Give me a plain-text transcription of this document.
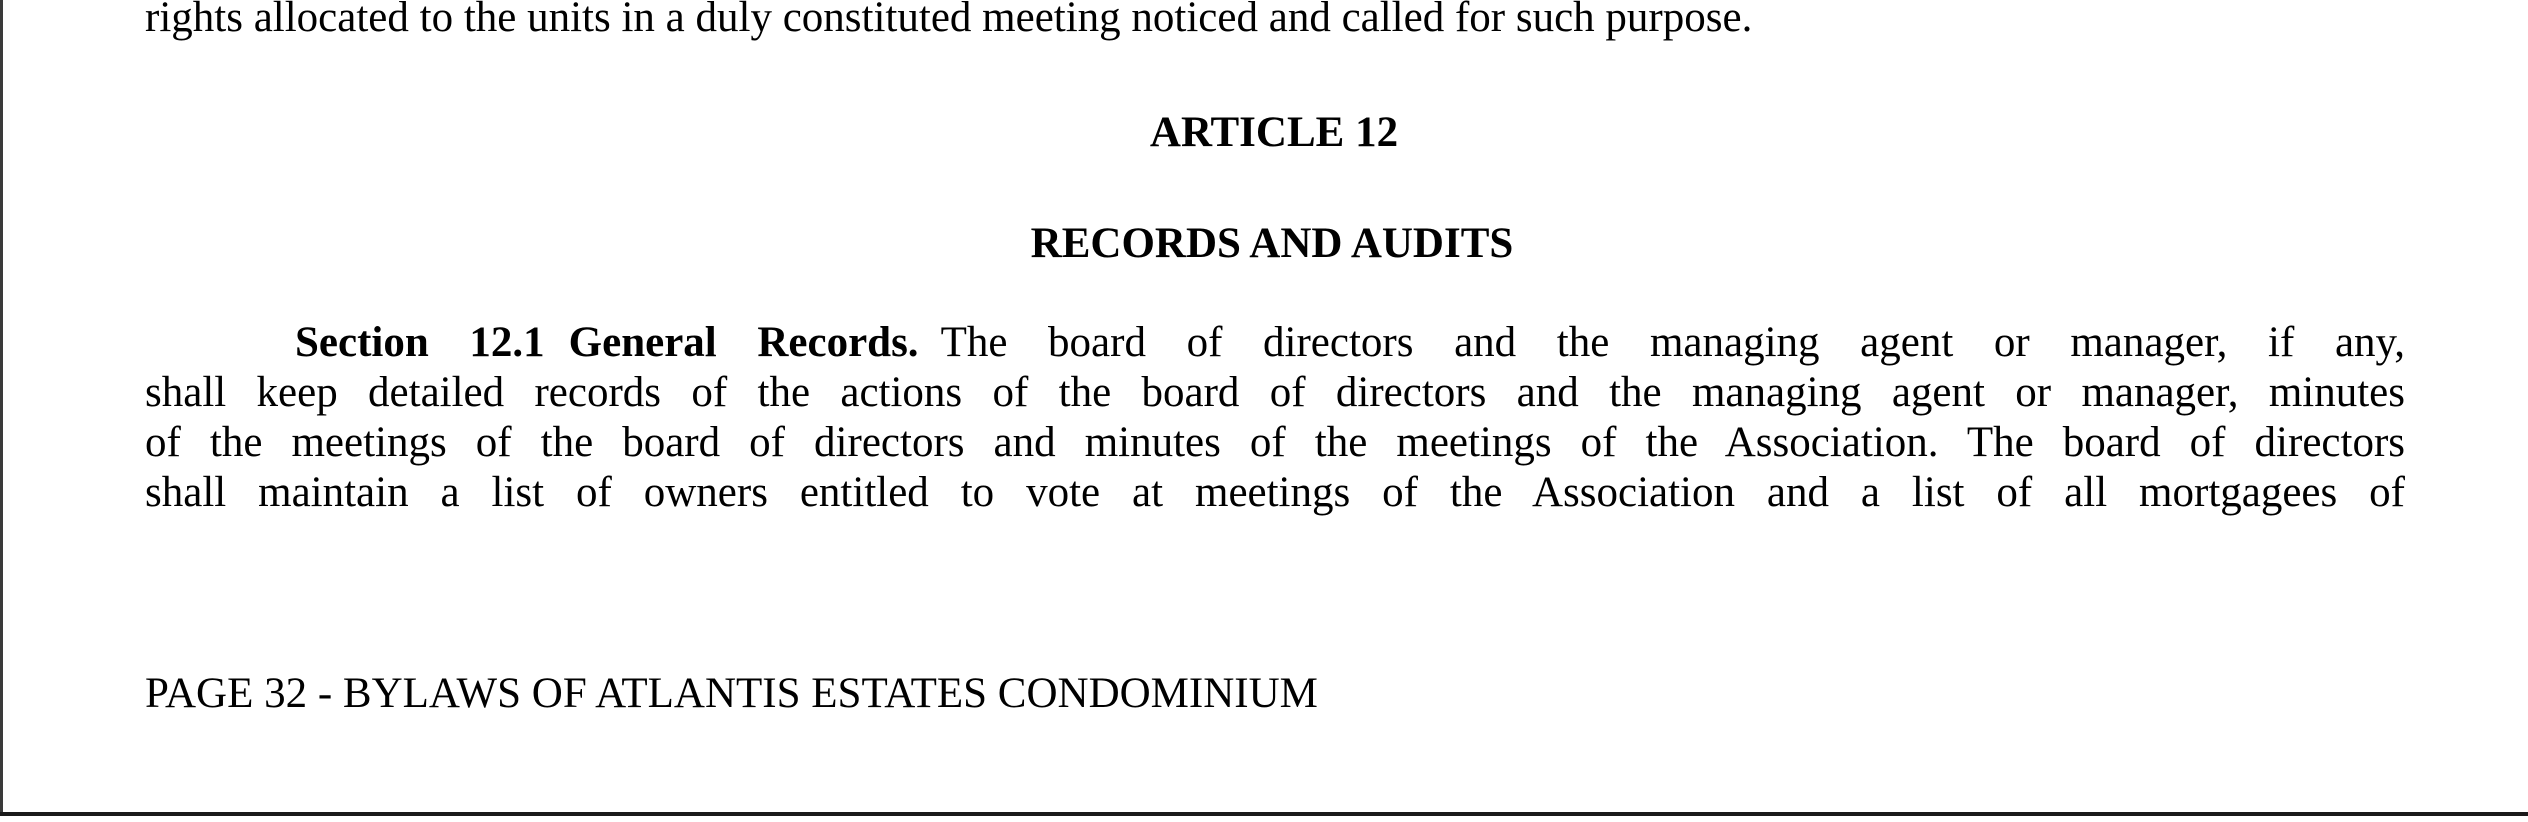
rights allocated to the units in a duly constituted meeting noticed and called for such purpose.
ARTICLE 12
RECORDS AND AUDITS
Section 12.1 General Records. The board of directors and the managing agent or manager, if any,
shall keep detailed records of the actions of the board of directors and the managing agent or manager, minutes
of the meetings of the board of directors and minutes of the meetings of the Association. The board of directors
shall maintain a list of owners entitled to vote at meetings of the Association and a list of all mortgagees of
PAGE 32 - BYLAWS OF ATLANTIS ESTATES CONDOMINIUM
